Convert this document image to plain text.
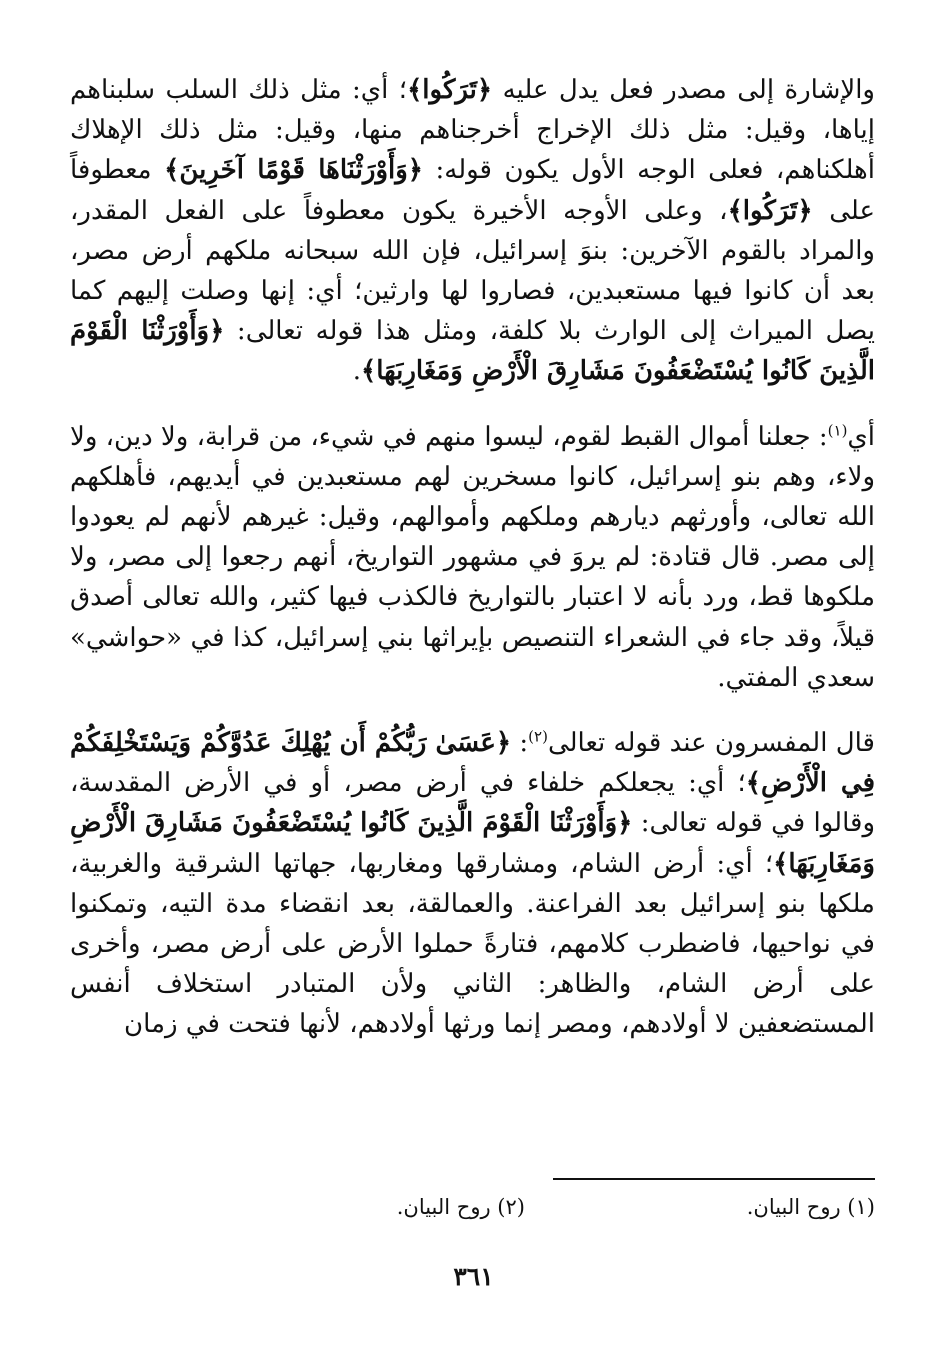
والإشارة إلى مصدر فعل يدل عليه ﴿تَرَكُوا﴾؛ أي: مثل ذلك السلب سلبناهم إياها، وقيل: مثل ذلك الإخراج أخرجناهم منها، وقيل: مثل ذلك الإهلاك أهلكناهم، فعلى الوجه الأول يكون قوله: ﴿وَأَوْرَثْنَاهَا قَوْمًا آخَرِينَ﴾ معطوفاً على ﴿تَرَكُوا﴾، وعلى الأوجه الأخيرة يكون معطوفاً على الفعل المقدر، والمراد بالقوم الآخرين: بنوَ إسرائيل، فإن الله سبحانه ملكهم أرض مصر، بعد أن كانوا فيها مستعبدين، فصاروا لها وارثين؛ أي: إنها وصلت إليهم كما يصل الميراث إلى الوارث بلا كلفة، ومثل هذا قوله تعالى: ﴿وَأَوْرَثْنَا الْقَوْمَ الَّذِينَ كَانُوا يُسْتَضْعَفُونَ مَشَارِقَ الْأَرْضِ وَمَغَارِبَهَا﴾.

أي$^{(١)}$: جعلنا أموال القبط لقوم، ليسوا منهم في شيء، من قرابة، ولا دين، ولا ولاء، وهم بنو إسرائيل، كانوا مسخرين لهم مستعبدين في أيديهم، فأهلكهم الله تعالى، وأورثهم ديارهم وملكهم وأموالهم، وقيل: غيرهم لأنهم لم يعودوا إلى مصر. قال قتادة: لم يروَ في مشهور التواريخ، أنهم رجعوا إلى مصر، ولا ملكوها قط، ورد بأنه لا اعتبار بالتواريخ فالكذب فيها كثير، والله تعالى أصدق قيلاً، وقد جاء في الشعراء التنصيص بإيراثها بني إسرائيل، كذا في «حواشي» سعدي المفتي.

قال المفسرون عند قوله تعالى$^{(٢)}$: ﴿عَسَىٰ رَبُّكُمْ أَن يُهْلِكَ عَدُوَّكُمْ وَيَسْتَخْلِفَكُمْ فِي الْأَرْضِ﴾؛ أي: يجعلكم خلفاء في أرض مصر، أو في الأرض المقدسة، وقالوا في قوله تعالى: ﴿وَأَوْرَثْنَا الْقَوْمَ الَّذِينَ كَانُوا يُسْتَضْعَفُونَ مَشَارِقَ الْأَرْضِ وَمَغَارِبَهَا﴾؛ أي: أرض الشام، ومشارقها ومغاربها، جهاتها الشرقية والغربية، ملكها بنو إسرائيل بعد الفراعنة. والعمالقة، بعد انقضاء مدة التيه، وتمكنوا في نواحيها، فاضطرب كلامهم، فتارةً حملوا الأرض على أرض مصر، وأخرى على أرض الشام، والظاهر: الثاني ولأن المتبادر استخلاف أنفس المستضعفين لا أولادهم، ومصر إنما ورثها أولادهم، لأنها فتحت في زمان

(١) روح البيان.
(٢) روح البيان.
٣٦١
